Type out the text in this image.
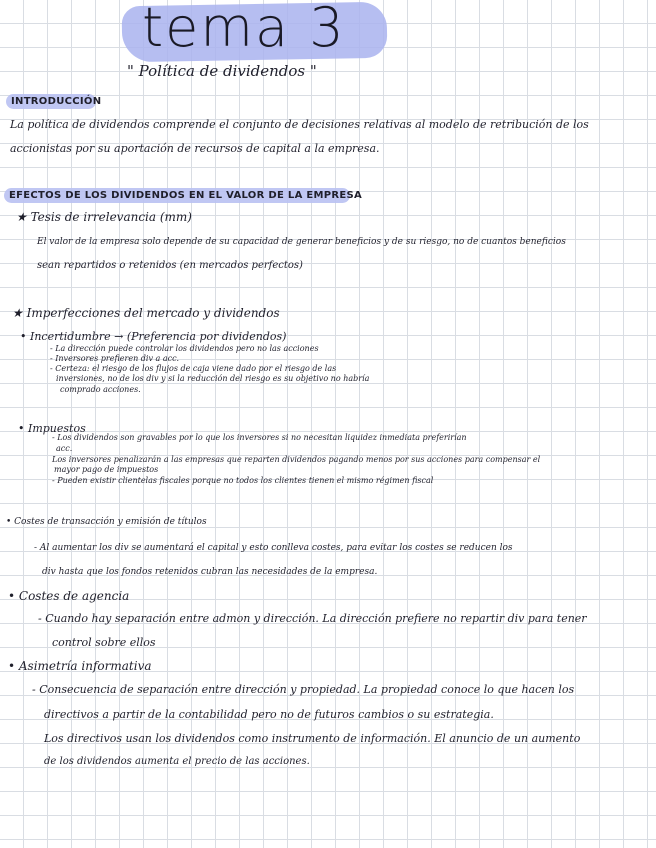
tema 3
" Política de dividendos "
INTRODUCCIÓN
La política de dividendos comprende el conjunto de decisiones relativas al modelo de retribución de los
accionistas por su aportación de recursos de capital a la empresa.
EFECTOS DE LOS DIVIDENDOS EN EL VALOR DE LA EMPRESA
★ Tesis de irrelevancia (mm)
El valor de la empresa solo depende de su capacidad de generar beneficios y de su riesgo, no de cuantos beneficios
sean repartidos o retenidos (en mercados perfectos)
★ Imperfecciones del mercado y dividendos
• Incertidumbre → (Preferencia por dividendos)
- La dirección puede controlar los dividendos pero no las acciones
- Inversores prefieren div a acc.
- Certeza: el riesgo de los flujos de caja viene dado por el riesgo de las
inversiones, no de los div y si la reducción del riesgo es su objetivo no habría
comprado acciones.
• Impuestos
- Los dividendos son gravables por lo que los inversores si no necesitan liquidez inmediata preferirían
acc.
Los inversores penalizarán a las empresas que reparten dividendos pagando menos por sus acciones para compensar el
mayor pago de impuestos
- Pueden existir clientelas fiscales porque no todos los clientes tienen el mismo régimen fiscal
• Costes de transacción y emisión de títulos
- Al aumentar los div se aumentará el capital y esto conlleva costes, para evitar los costes se reducen los
div hasta que los fondos retenidos cubran las necesidades de la empresa.
• Costes de agencia
- Cuando hay separación entre admon y dirección. La dirección prefiere no repartir div para tener
control sobre ellos
• Asimetría informativa
- Consecuencia de separación entre dirección y propiedad. La propiedad conoce lo que hacen los
directivos a partir de la contabilidad pero no de futuros cambios o su estrategia.
Los directivos usan los dividendos como instrumento de información. El anuncio de un aumento
de los dividendos aumenta el precio de las acciones.
